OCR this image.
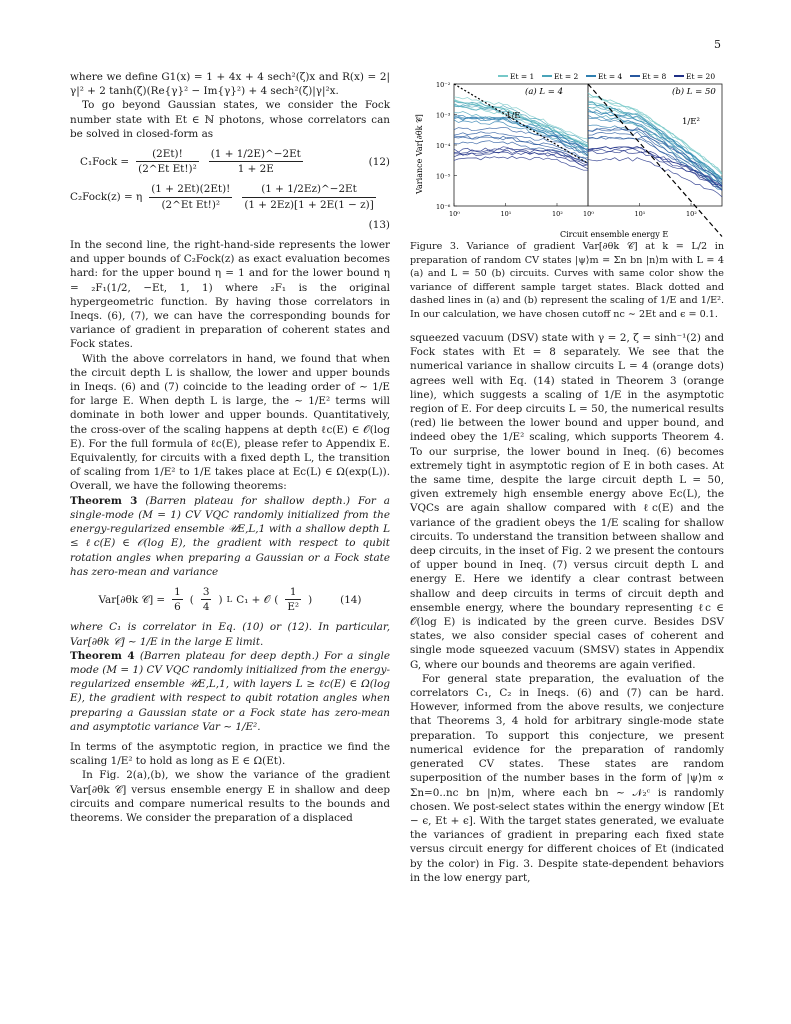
5

where we define G1(x) = 1 + 4x + 4 sech²(ζ)x and R(x) = 2|γ|² + 2 tanh(ζ)(Re{γ}² − Im{γ}²) + 4 sech²(ζ)|γ|²x.

To go beyond Gaussian states, we consider the Fock number state with Et ∈ ℕ photons, whose correlators can be solved in closed-form as

C₁Fock = $\frac{(2Et)!}{\text{(2\textasciicircum{}Et Et!)²}} \frac{(1 + 1/2E)\^{}-2Et}{1 + 2E}$	(12)
C₂Fock(z) = η $\frac{(1 + 2Et)(2Et)!}{\text{(2\textasciicircum{}Et Et!)²}} \frac{(1 + 1/2Ez)\^{}-2Et}{(1 + 2Ez)[1 + 2E(1 - z)]}$
(13)

In the second line, the right-hand-side represents the lower and upper bounds of C₂Fock(z) as exact evaluation becomes hard: for the upper bound η = 1 and for the lower bound η = ₂F₁(1/2, −Et, 1, 1) where ₂F₁ is the original hypergeometric function. By having those correlators in Ineqs. (6), (7), we can have the corresponding bounds for variance of gradient in preparation of coherent states and Fock states.

With the above correlators in hand, we found that when the circuit depth L is shallow, the lower and upper bounds in Ineqs. (6) and (7) coincide to the leading order of ∼ 1/E for large E. When depth L is large, the ∼ 1/E² terms will dominate in both lower and upper bounds. Quantitatively, the cross-over of the scaling happens at depth ℓc(E) ∈ 𝒪(log E). For the full formula of ℓc(E), please refer to Appendix E. Equivalently, for circuits with a fixed depth L, the transition of scaling from 1/E² to 1/E takes place at Ec(L) ∈ Ω(exp(L)). Overall, we have the following theorems:

Theorem 3 (Barren plateau for shallow depth.) For a single-mode (M = 1) CV VQC randomly initialized from the energy-regularized ensemble 𝒰E,L,1 with a shallow depth L ≤ ℓc(E) ∈ 𝒪(log E), the gradient with respect to qubit rotation angles when preparing a Gaussian or a Fock state has zero-mean and variance

Var[∂θk 𝒞] = $\frac{1}{6}$ ( $\frac{3}{4}$ ) L C₁ + 𝒪 ( $\frac{1}{\text{E²}}$ )	(14)

where C₁ is correlator in Eq. (10) or (12). In particular, Var[∂θk 𝒞] ∼ 1/E in the large E limit.

Theorem 4 (Barren plateau for deep depth.) For a single mode (M = 1) CV VQC randomly initialized from the energy-regularized ensemble 𝒰E,L,1, with layers L ≥ ℓc(E) ∈ Ω(log E), the gradient with respect to qubit rotation angles when preparing a Gaussian state or a Fock state has zero-mean and asymptotic variance Var ∼ 1/E².

In terms of the asymptotic region, in practice we find the scaling 1/E² to hold as long as E ∈ Ω(Et).

In Fig. 2(a),(b), we show the variance of the gradient Var[∂θk 𝒞] versus ensemble energy E in shallow and deep circuits and compare numerical results to the bounds and theorems. We consider the preparation of a displaced

Et = 1	Et = 2	Et = 4	Et = 8	Et = 20
10⁻²
10⁻³
10⁻⁴
10⁻⁵
10⁻⁶
10⁰	10¹	10²	10⁰	10¹	10²
(a) L = 4	(b) L = 50
1/E
1/E²
Variance Var[∂θk 𝒞]
Circuit ensemble energy E

Figure 3. Variance of gradient Var[∂θk 𝒞] at k = L/2 in preparation of random CV states |ψ⟩m = Σn bn |n⟩m with L = 4 (a) and L = 50 (b) circuits. Curves with same color show the variance of different sample target states. Black dotted and dashed lines in (a) and (b) represent the scaling of 1/E and 1/E². In our calculation, we have chosen cutoff nc ∼ 2Et and ϵ = 0.1.

squeezed vacuum (DSV) state with γ = 2, ζ = sinh⁻¹(2) and Fock states with Et = 8 separately. We see that the numerical variance in shallow circuits L = 4 (orange dots) agrees well with Eq. (14) stated in Theorem 3 (orange line), which suggests a scaling of 1/E in the asymptotic region of E. For deep circuits L = 50, the numerical results (red) lie between the lower bound and upper bound, and indeed obey the 1/E² scaling, which supports Theorem 4. To our surprise, the lower bound in Ineq. (6) becomes extremely tight in asymptotic region of E in both cases. At the same time, despite the large circuit depth L = 50, given extremely high ensemble energy above Ec(L), the VQCs are again shallow compared with ℓc(E) and the variance of the gradient obeys the 1/E scaling for shallow circuits. To understand the transition between shallow and deep circuits, in the inset of Fig. 2 we present the contours of upper bound in Ineq. (7) versus circuit depth L and energy E. Here we identify a clear contrast between shallow and deep circuits in terms of circuit depth and ensemble energy, where the boundary representing ℓc ∈ 𝒪(log E) is indicated by the green curve. Besides DSV states, we also consider special cases of coherent and single mode squeezed vacuum (SMSV) states in Appendix G, where our bounds and theorems are again verified.

For general state preparation, the evaluation of the correlators C₁, C₂ in Ineqs. (6) and (7) can be hard. However, informed from the above results, we conjecture that Theorems 3, 4 hold for arbitrary single-mode state preparation. To support this conjecture, we present numerical evidence for the preparation of randomly generated CV states. These states are random superposition of the number bases in the form of |ψ⟩m ∝ Σn=0..nc bn |n⟩m, where each bn ∼ 𝒩₂ᶜ is randomly chosen. We post-select states within the energy window [Et − ϵ, Et + ϵ]. With the target states generated, we evaluate the variances of gradient in preparing each fixed state versus circuit energy for different choices of Et (indicated by the color) in Fig. 3. Despite state-dependent behaviors in the low energy part,
